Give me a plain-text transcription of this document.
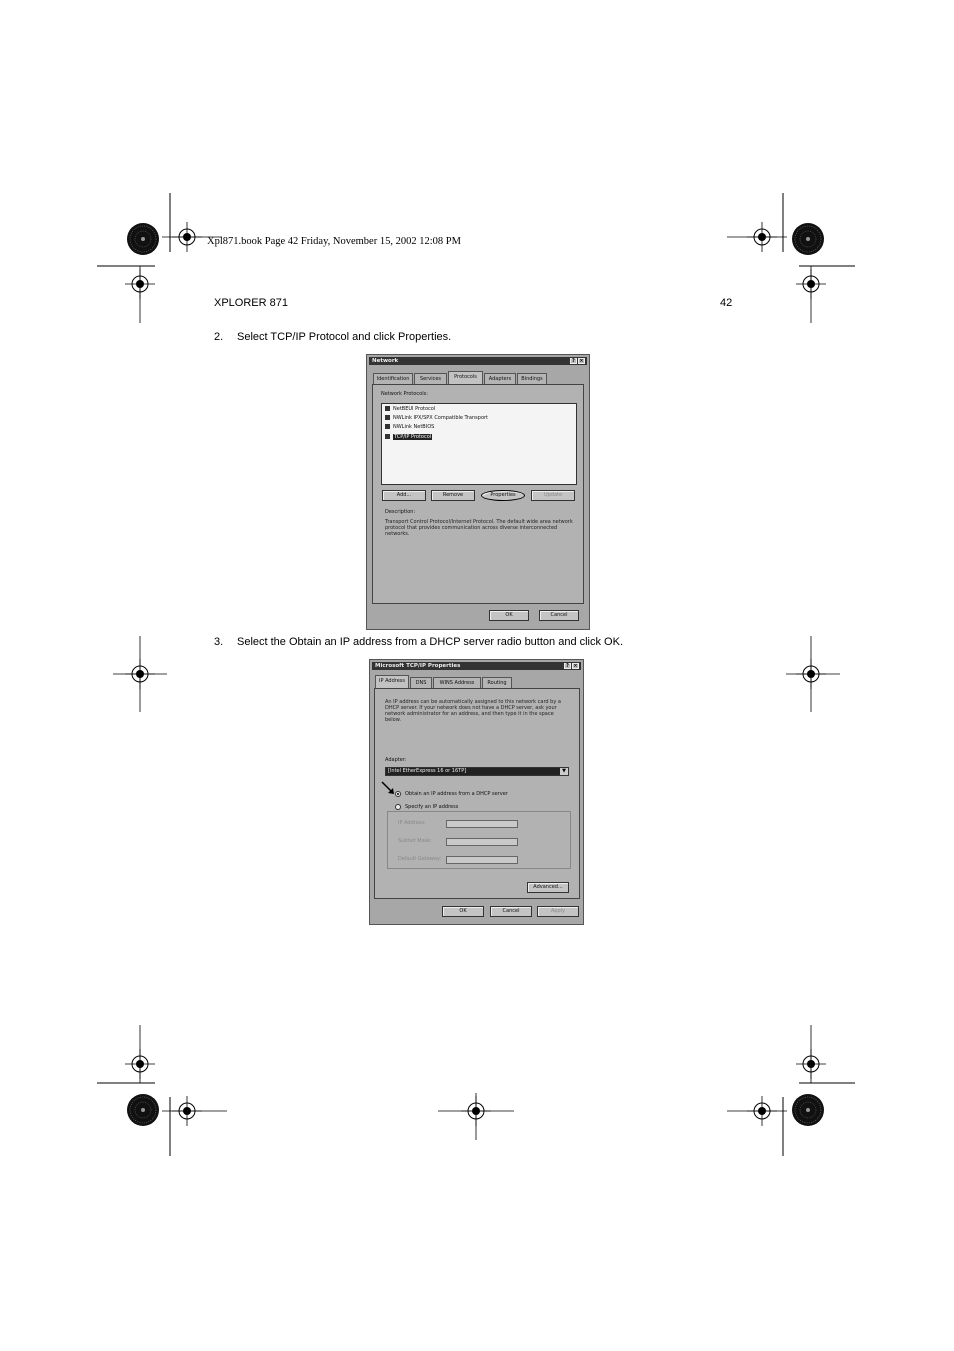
Xpl871.book Page 42 Friday, November 15, 2002 12:08 PM
XPLORER 871	42
2. Select TCP/IP Protocol and click Properties.
Network	? ×
Identification	Services	Protocols	Adapters	Bindings
Network Protocols:
NetBEUI Protocol
NWLink IPX/SPX Compatible Transport
NWLink NetBIOS
TCP/IP Protocol
Add...	Remove	Properties	Update
Description:
Transport Control Protocol/Internet Protocol. The default wide area network protocol that provides communication across diverse interconnected networks.
OK	Cancel
3. Select the Obtain an IP address from a DHCP server radio button and click OK.
Microsoft TCP/IP Properties	? ×
IP Address	DNS	WINS Address	Routing
An IP address can be automatically assigned to this network card by a DHCP server. If your network does not have a DHCP server, ask your network administrator for an address, and then type it in the space below.
Adapter:
[Intel EtherExpress 16 or 16TP]	▼
Obtain an IP address from a DHCP server
Specify an IP address
IP Address:
Subnet Mask:
Default Gateway:
Advanced...
OK	Cancel	Apply
